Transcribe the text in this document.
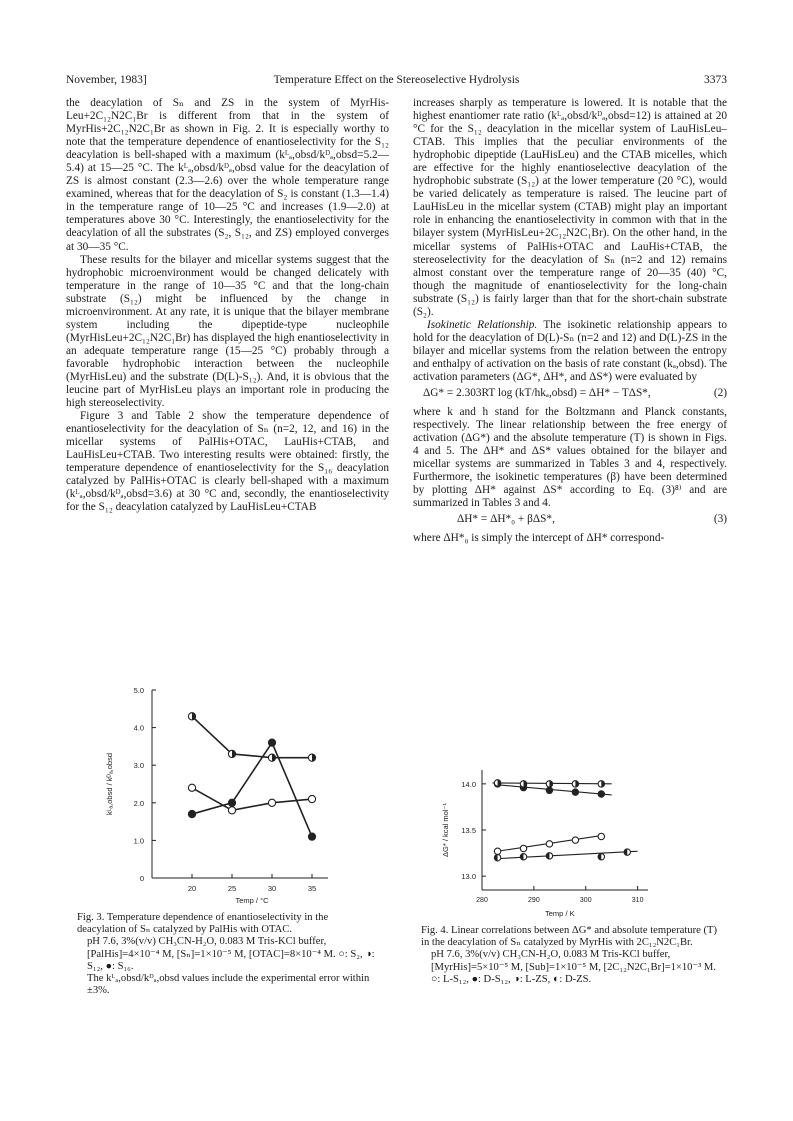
November, 1983]	Temperature Effect on the Stereoselective Hydrolysis	3373

the deacylation of Sₙ and ZS in the system of MyrHis-Leu+2C₁₂N2C₁Br is different from that in the system of MyrHis+2C₁₂N2C₁Br as shown in Fig. 2. It is especially worthy to note that the temperature dependence of enantioselectivity for the S₁₂ deacylation is bell-shaped with a maximum (kᴸₐ,obsd/kᴰₐ,obsd=5.2—5.4) at 15—25 °C. The kᴸₐ,obsd/kᴰₐ,obsd value for the deacylation of ZS is almost constant (2.3—2.6) over the whole temperature range examined, whereas that for the deacylation of S₂ is constant (1.3—1.4) in the temperature range of 10—25 °C and increases (1.9—2.0) at temperatures above 30 °C. Interestingly, the enantioselectivity for the deacylation of all the substrates (S₂, S₁₂, and ZS) employed converges at 30—35 °C.

These results for the bilayer and micellar systems suggest that the hydrophobic microenvironment would be changed delicately with temperature in the range of 10—35 °C and that the long-chain substrate (S₁₂) might be influenced by the change in microenvironment. At any rate, it is unique that the bilayer membrane system including the dipeptide-type nucleophile (MyrHisLeu+2C₁₂N2C₁Br) has displayed the high enantioselectivity in an adequate temperature range (15—25 °C) probably through a favorable hydrophobic interaction between the nucleophile (MyrHisLeu) and the substrate (D(L)-S₁₂). And, it is obvious that the leucine part of MyrHisLeu plays an important role in producing the high stereoselectivity.

Figure 3 and Table 2 show the temperature dependence of enantioselectivity for the deacylation of Sₙ (n=2, 12, and 16) in the micellar systems of PalHis+OTAC, LauHis+CTAB, and LauHisLeu+CTAB. Two interesting results were obtained: firstly, the temperature dependence of enantioselectivity for the S₁₆ deacylation catalyzed by PalHis+OTAC is clearly bell-shaped with a maximum (kᴸₐ,obsd/kᴰₐ,obsd=3.6) at 30 °C and, secondly, the enantioselectivity for the S₁₂ deacylation catalyzed by LauHisLeu+CTAB

increases sharply as temperature is lowered. It is notable that the highest enantiomer rate ratio (kᴸₐ,obsd/kᴰₐ,obsd=12) is attained at 20 °C for the S₁₂ deacylation in the micellar system of LauHisLeu–CTAB. This implies that the peculiar environments of the hydrophobic dipeptide (LauHisLeu) and the CTAB micelles, which are effective for the highly enantioselective deacylation of the hydrophobic substrate (S₁₂) at the lower temperature (20 °C), would be varied delicately as temperature is raised. The leucine part of LauHisLeu in the micellar system (CTAB) might play an important role in enhancing the enantioselectivity in common with that in the bilayer system (MyrHisLeu+2C₁₂N2C₁Br). On the other hand, in the micellar systems of PalHis+OTAC and LauHis+CTAB, the stereoselectivity for the deacylation of Sₙ (n=2 and 12) remains almost constant over the temperature range of 20—35 (40) °C, though the magnitude of enantioselectivity for the long-chain substrate (S₁₂) is fairly larger than that for the short-chain substrate (S₂).

Isokinetic Relationship. The isokinetic relationship appears to hold for the deacylation of D(L)-Sₙ (n=2 and 12) and D(L)-ZS in the bilayer and micellar systems from the relation between the entropy and enthalpy of activation on the basis of rate constant (kₐ,obsd). The activation parameters (ΔG*, ΔH*, and ΔS*) were evaluated by

ΔG* = 2.303RT log (kT/hkₐ,obsd) = ΔH* − TΔS*,	(2)

where k and h stand for the Boltzmann and Planck constants, respectively. The linear relationship between the free energy of activation (ΔG*) and the absolute temperature (T) is shown in Figs. 4 and 5. The ΔH* and ΔS* values obtained for the bilayer and micellar systems are summarized in Tables 3 and 4, respectively. Furthermore, the isokinetic temperatures (β) have been determined by plotting ΔH* against ΔS* according to Eq. (3)⁸⁾ and are summarized in Tables 3 and 4.

ΔH* = ΔH*₀ + βΔS*,	(3)

where ΔH*₀ is simply the intercept of ΔH* correspond-

0
1.0
2.0
3.0
4.0
5.0
20	25	30	35
Temp / °C
kᴸₐ,obsd / kᴰₐ,obsd
13.0
13.5
14.0
280	290	300	310
Temp / K
ΔG* / kcal mol⁻¹
Fig. 3. Temperature dependence of enantioselectivity in the deacylation of Sₙ catalyzed by PalHis with OTAC.
pH 7.6, 3%(v/v) CH₃CN-H₂O, 0.083 M Tris-KCl buffer, [PalHis]=4×10⁻⁴ M, [Sₙ]=1×10⁻⁵ M, [OTAC]=8×10⁻⁴ M. ○: S₂, ◑: S₁₂, ●: S₁₆.
The kᴸₐ,obsd/kᴰₐ,obsd values include the experimental error within ±3%.
Fig. 4. Linear correlations between ΔG* and absolute temperature (T) in the deacylation of Sₙ catalyzed by MyrHis with 2C₁₂N2C₁Br.
pH 7.6, 3%(v/v) CH₃CN-H₂O, 0.083 M Tris-KCl buffer, [MyrHis]=5×10⁻⁵ M, [Sub]=1×10⁻⁵ M, [2C₁₂N2C₁Br]=1×10⁻³ M. ○: L-S₁₂, ●: D-S₁₂, ◑: L-ZS, ◐: D-ZS.
